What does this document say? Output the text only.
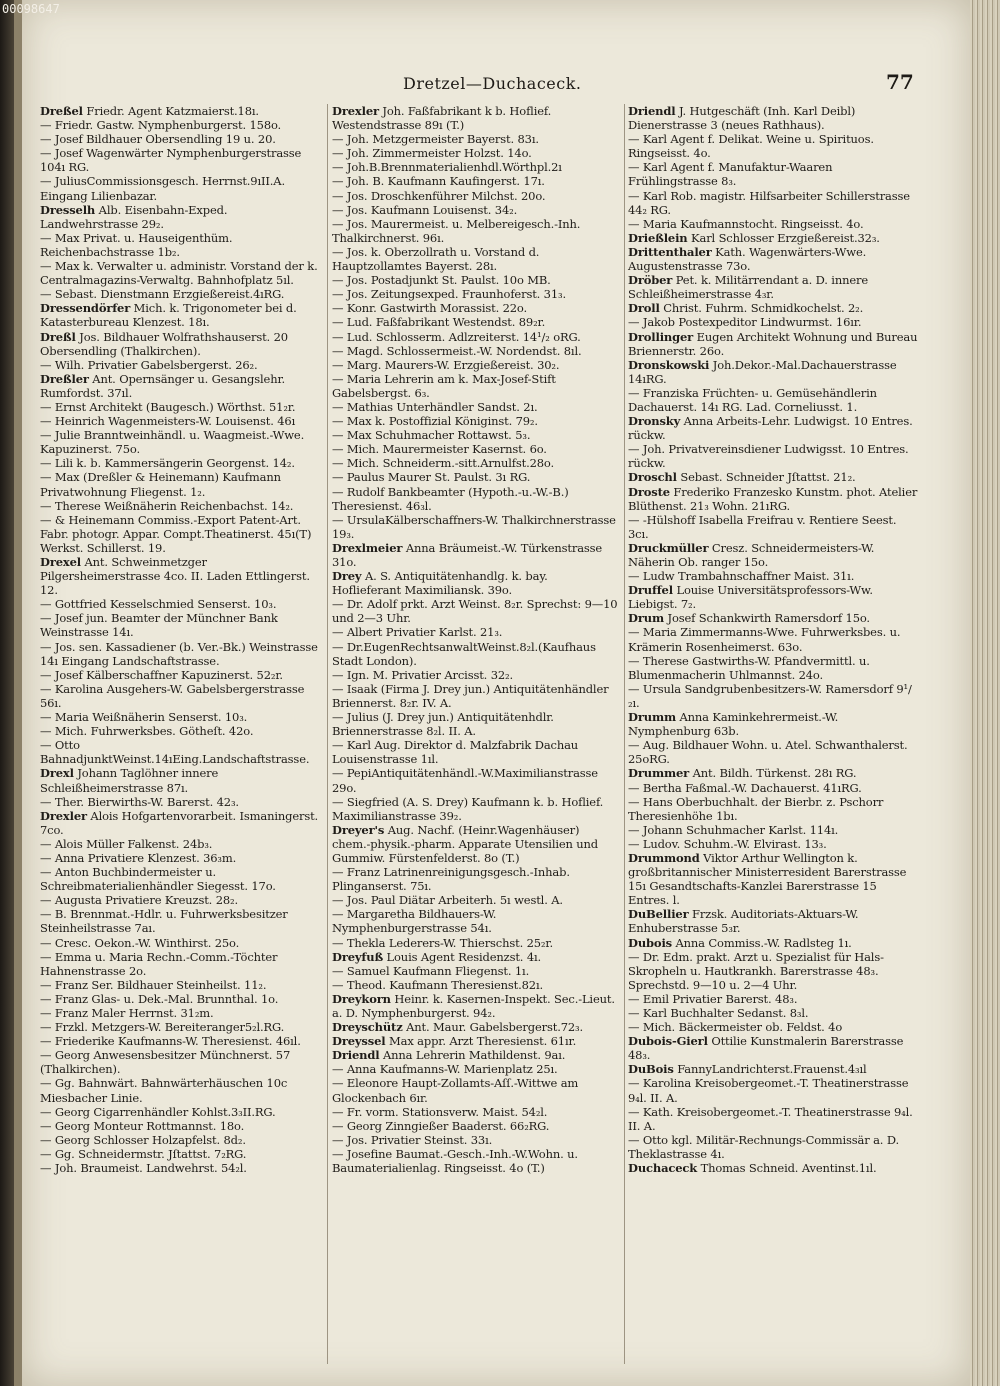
00098647
Dretzel—Duchaceck.	77

Dreßel Friedr. Agent Katzmaierst.18ı.

— Friedr. Gastw. Nymphenburgerst. 158o.

— Josef Bildhauer Obersendling 19 u. 20.

— Josef Wagenwärter Nymphenburgerstrasse 104ı RG.

— JuliusCommissionsgesch. Herrnst.9ıII.A. Eingang Lilienbazar.

Dresselh Alb. Eisenbahn-Exped. Landwehrstrasse 29₂.

— Max Privat. u. Hauseigenthüm. Reichenbachstrasse 1b₂.

— Max k. Verwalter u. administr. Vorstand der k. Centralmagazins-Verwaltg. Bahnhofplatz 5ıl.

— Sebast. Dienstmann Erzgießereist.4ıRG.

Dressendörfer Mich. k. Trigonometer bei d. Katasterbureau Klenzest. 18ı.

Dreßl Jos. Bildhauer Wolfrathshauserst. 20 Obersendling (Thalkirchen).

— Wilh. Privatier Gabelsbergerst. 26₂.

Dreßler Ant. Opernsänger u. Gesangslehr. Rumfordst. 37ıl.

— Ernst Architekt (Baugesch.) Wörthst. 51₂r.

— Heinrich Wagenmeisters-W. Louisenst. 46ı

— Julie Branntweinhändl. u. Waagmeist.-Wwe. Kapuzinerst. 75o.

— Lili k. b. Kammersängerin Georgenst. 14₂.

— Max (Dreßler & Heinemann) Kaufmann Privatwohnung Fliegenst. 1₂.

— Therese Weißnäherin Reichenbachst. 14₂.

— & Heinemann Commiss.-Export Patent-Art. Fabr. photogr. Appar. Compt.Theatinerst. 45ı(T) Werkst. Schillerst. 19.

Drexel Ant. Schweinmetzger Pilgersheimerstrasse 4co. II. Laden Ettlingerst. 12.

— Gottfried Kesselschmied Senserst. 10₃.

— Josef jun. Beamter der Münchner Bank Weinstrasse 14ı.

— Jos. sen. Kassadiener (b. Ver.-Bk.) Weinstrasse 14ı Eingang Landschaftstrasse.

— Josef Kälberschaffner Kapuzinerst. 52₂r.

— Karolina Ausgehers-W. Gabelsbergerstrasse 56ı.

— Maria Weißnäherin Senserst. 10₃.

— Mich. Fuhrwerksbes. Götheſt. 42o.

— Otto BahnadjunktWeinst.14ıEing.Landschaftstrasse.

Drexl Johann Taglöhner innere Schleißheimerstrasse 87ı.

— Ther. Bierwirths-W. Barerst. 42₃.

Drexler Alois Hofgartenvorarbeit. Ismaningerst. 7co.

— Alois Müller Falkenst. 24b₃.

— Anna Privatiere Klenzest. 36₃m.

— Anton Buchbindermeister u. Schreibmaterialienhändler Siegesst. 17o.

— Augusta Privatiere Kreuzst. 28₂.

— B. Brennmat.-Hdlr. u. Fuhrwerksbesitzer Steinheilstrasse 7aı.

— Cresc. Oekon.-W. Winthirst. 25o.

— Emma u. Maria Rechn.-Comm.-Töchter Hahnenstrasse 2o.

— Franz Ser. Bildhauer Steinheilst. 11₂.

— Franz Glas- u. Dek.-Mal. Brunnthal. 1o.

— Franz Maler Herrnst. 31₂m.

— Frzkl. Metzgers-W. Bereiteranger5₂l.RG.

— Friederike Kaufmanns-W. Theresienst. 46ıl.

— Georg Anwesensbesitzer Münchnerst. 57 (Thalkirchen).

— Gg. Bahnwärt. Bahnwärterhäuschen 10c Miesbacher Linie.

— Georg Cigarrenhändler Kohlst.3₃II.RG.

— Georg Monteur Rottmannst. 18o.

— Georg Schlosser Holzapfelst. 8d₂.

— Gg. Schneidermstr. Jſtattst. 7₂RG.

— Joh. Braumeist. Landwehrst. 54₂l.

Drexler Joh. Faßfabrikant k b. Hoflief. Westendstrasse 89ı (T.)

— Joh. Metzgermeister Bayerst. 83ı.

— Joh. Zimmermeister Holzst. 14o.

— Joh.B.Brennmaterialienhdl.Wörthpl.2ı

— Joh. B. Kaufmann Kaufingerst. 17ı.

— Jos. Droschkenführer Milchst. 20o.

— Jos. Kaufmann Louisenst. 34₂.

— Jos. Maurermeist. u. Melbereigesch.-Inh. Thalkirchnerst. 96ı.

— Jos. k. Oberzollrath u. Vorstand d. Hauptzollamtes Bayerst. 28ı.

— Jos. Postadjunkt St. Paulst. 10o MB.

— Jos. Zeitungsexped. Fraunhoferst. 31₃.

— Konr. Gastwirth Morassist. 22o.

— Lud. Faßfabrikant Westendst. 89₂r.

— Lud. Schlosserm. Adlzreiterst. 14¹/₂ oRG.

— Magd. Schlossermeist.-W. Nordendst. 8ıl.

— Marg. Maurers-W. Erzgießereist. 30₂.

— Maria Lehrerin am k. Max-Josef-Stift Gabelsbergst. 6₃.

— Mathias Unterhändler Sandst. 2ı.

— Max k. Postoffizial Königinst. 79₂.

— Max Schuhmacher Rottawst. 5₃.

— Mich. Maurermeister Kasernst. 6o.

— Mich. Schneiderm.-sitt.Arnulfst.28o.

— Paulus Maurer St. Paulst. 3ı RG.

— Rudolf Bankbeamter (Hypoth.-u.-W.-B.) Theresienst. 46₃l.

— UrsulaKälberschaffners-W. Thalkirchnerstrasse 19₃.

Drexlmeier Anna Bräumeist.-W. Türkenstrasse 31o.

Drey A. S. Antiquitätenhandlg. k. bay. Hoflieferant Maximiliansk. 39o.

— Dr. Adolf prkt. Arzt Weinst. 8₂r. Sprechst: 9—10 und 2—3 Uhr.

— Albert Privatier Karlst. 21₃.

— Dr.EugenRechtsanwaltWeinst.8₂l.(Kaufhaus Stadt London).

— Ign. M. Privatier Arcisst. 32₂.

— Isaak (Firma J. Drey jun.) Antiquitätenhändler Briennerst. 8₂r. IV. A.

— Julius (J. Drey jun.) Antiquitätenhdlr. Briennerstrasse 8₂l. II. A.

— Karl Aug. Direktor d. Malzfabrik Dachau Louisenstrasse 1ıl.

— PepiAntiquitätenhändl.-W.Maximilianstrasse 29o.

— Siegfried (A. S. Drey) Kaufmann k. b. Hoflief. Maximilianstrasse 39₂.

Dreyer's Aug. Nachf. (Heinr.Wagenhäuser) chem.-physik.-pharm. Apparate Utensilien und Gummiw. Fürstenfelderst. 8o (T.)

— Franz Latrinenreinigungsgesch.-Inhab. Plinganserst. 75ı.

— Jos. Paul Diätar Arbeiterh. 5ı westl. A.

— Margaretha Bildhauers-W. Nymphenburgerstrasse 54ı.

— Thekla Lederers-W. Thierschst. 25₂r.

Dreyfuß Louis Agent Residenzst. 4ı.

— Samuel Kaufmann Fliegenst. 1ı.

— Theod. Kaufmann Theresienst.82ı.

Dreykorn Heinr. k. Kasernen-Inspekt. Sec.-Lieut. a. D. Nymphenburgerst. 94₂.

Dreyschütz Ant. Maur. Gabelsbergerst.72₃.

Dreyssel Max appr. Arzt Theresienst. 61ır.

Driendl Anna Lehrerin Mathildenst. 9aı.

— Anna Kaufmanns-W. Marienplatz 25ı.

— Eleonore Haupt-Zollamts-Aſſ.-Wittwe am Glockenbach 6ır.

— Fr. vorm. Stationsverw. Maist. 54₂l.

— Georg Zinngießer Baaderst. 66₂RG.

— Jos. Privatier Steinst. 33ı.

— Josefine Baumat.-Gesch.-Inh.-W.Wohn. u. Baumaterialienlag. Ringseisst. 4o (T.)

Driendl J. Hutgeschäft (Inh. Karl Deibl) Dienerstrasse 3 (neues Rathhaus).

— Karl Agent f. Delikat. Weine u. Spirituos. Ringseisst. 4o.

— Karl Agent f. Manufaktur-Waaren Frühlingstrasse 8₃.

— Karl Rob. magistr. Hilfsarbeiter Schillerstrasse 44₂ RG.

— Maria Kaufmannstocht. Ringseisst. 4o.

Drießlein Karl Schlosser Erzgießereist.32₃.

Drittenthaler Kath. Wagenwärters-Wwe. Augustenstrasse 73o.

Dröber Pet. k. Militärrendant a. D. innere Schleißheimerstrasse 4₃r.

Droll Christ. Fuhrm. Schmidkochelst. 2₂.

— Jakob Postexpeditor Lindwurmst. 16ır.

Drollinger Eugen Architekt Wohnung und Bureau Briennerstr. 26o.

Dronskowski Joh.Dekor.-Mal.Dachauerstrasse 14ıRG.

— Franziska Früchten- u. Gemüsehändlerin Dachauerst. 14ı RG. Lad. Corneliusst. 1.

Dronsky Anna Arbeits-Lehr. Ludwigst. 10 Entres. rückw.

— Joh. Privatvereinsdiener Ludwigsst. 10 Entres. rückw.

Droschl Sebast. Schneider Jſtattst. 21₂.

Droste Frederiko Franzesko Kunstm. phot. Atelier Blüthenst. 21₃ Wohn. 21ıRG.

— -Hülshoff Isabella Freifrau v. Rentiere Seest. 3cı.

Druckmüller Cresz. Schneidermeisters-W. Näherin Ob. ranger 15o.

— Ludw Trambahnschaffner Maist. 31ı.

Druffel Louise Universitätsprofessors-Ww. Liebigst. 7₂.

Drum Josef Schankwirth Ramersdorf 15o.

— Maria Zimmermanns-Wwe. Fuhrwerksbes. u. Krämerin Rosenheimerst. 63o.

— Therese Gastwirths-W. Pfandvermittl. u. Blumenmacherin Uhlmannst. 24o.

— Ursula Sandgrubenbesitzers-W. Ramersdorf 9¹/₂ı.

Drumm Anna Kaminkehrermeist.-W. Nymphenburg 63b.

— Aug. Bildhauer Wohn. u. Atel. Schwanthalerst. 25oRG.

Drummer Ant. Bildh. Türkenst. 28ı RG.

— Bertha Faßmal.-W. Dachauerst. 41ıRG.

— Hans Oberbuchhalt. der Bierbr. z. Pschorr Theresienhöhe 1bı.

— Johann Schuhmacher Karlst. 114ı.

— Ludov. Schuhm.-W. Elvirast. 13₃.

Drummond Viktor Arthur Wellington k. großbritannischer Ministerresident Barerstrasse 15ı Gesandtschafts-Kanzlei Barerstrasse 15 Entres. l.

DuBellier Frzsk. Auditoriats-Aktuars-W. Enhuberstrasse 5₃r.

Dubois Anna Commiss.-W. Radlsteg 1ı.

— Dr. Edm. prakt. Arzt u. Spezialist für Hals- Skropheln u. Hautkrankh. Barerstrasse 48₃. Sprechstd. 9—10 u. 2—4 Uhr.

— Emil Privatier Barerst. 48₃.

— Karl Buchhalter Sedanst. 8₃l.

— Mich. Bäckermeister ob. Feldst. 4o

Dubois-Gierl Ottilie Kunstmalerin Barerstrasse 48₃.

DuBois FannyLandrichterst.Frauenst.4₃ıl

— Karolina Kreisobergeomet.-T. Theatinerstrasse 9₄l. II. A.

— Kath. Kreisobergeomet.-T. Theatinerstrasse 9₄l. II. A.

— Otto kgl. Militär-Rechnungs-Commissär a. D. Theklastrasse 4ı.

Duchaceck Thomas Schneid. Aventinst.1ıl.
